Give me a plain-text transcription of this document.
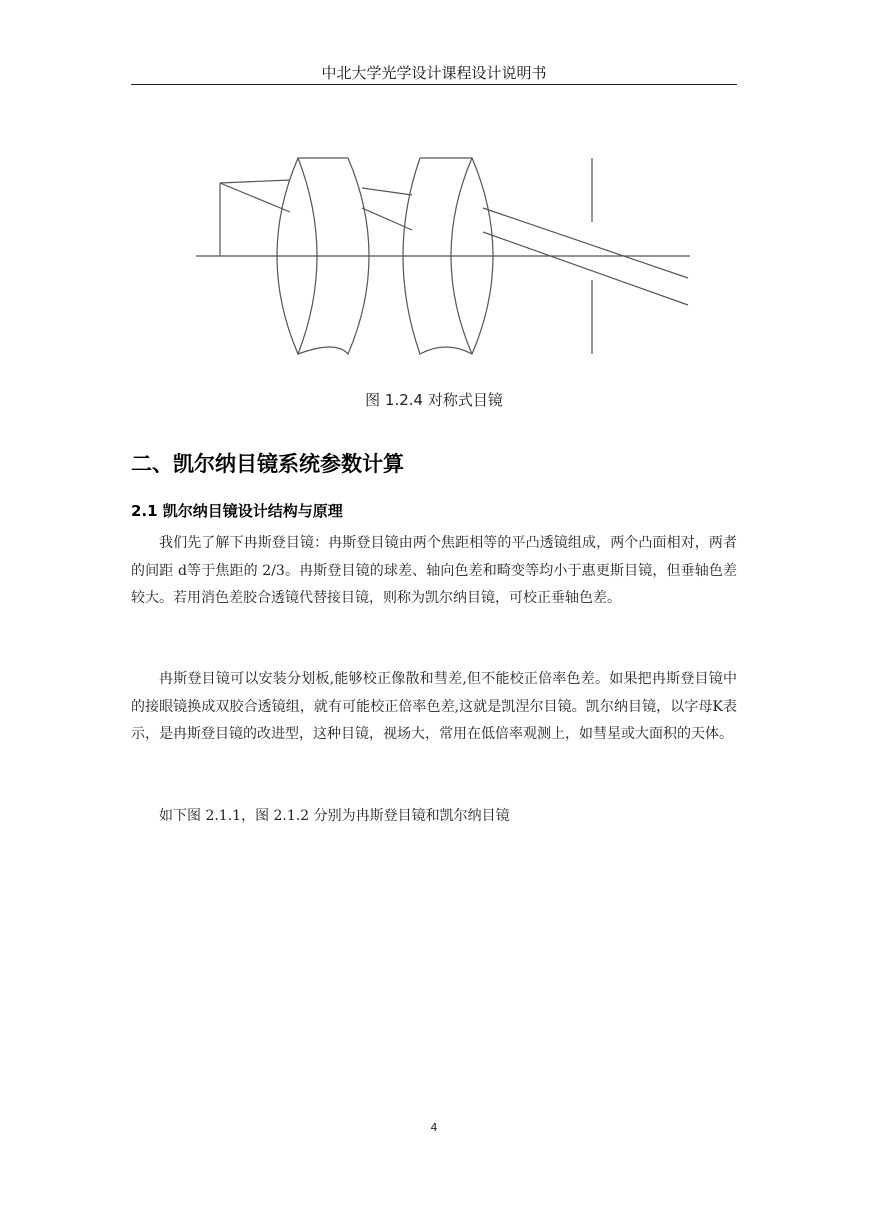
中北大学光学设计课程设计说明书
图 1.2.4 对称式目镜
二、凯尔纳目镜系统参数计算
2.1 凯尔纳目镜设计结构与原理

我们先了解下冉斯登目镜：冉斯登目镜由两个焦距相等的平凸透镜组成，两个凸面相对，两者的间距 d等于焦距的 2/3。冉斯登目镜的球差、轴向色差和畸变等均小于惠更斯目镜，但垂轴色差较大。若用消色差胶合透镜代替接目镜，则称为凯尔纳目镜，可校正垂轴色差。

冉斯登目镜可以安装分划板,能够校正像散和彗差,但不能校正倍率色差。如果把冉斯登目镜中的接眼镜换成双胶合透镜组，就有可能校正倍率色差,这就是凯涅尔目镜。凯尔纳目镜，以字母K表示，是冉斯登目镜的改进型，这种目镜，视场大，常用在低倍率观测上，如彗星或大面积的天体。

如下图 2.1.1，图 2.1.2 分别为冉斯登目镜和凯尔纳目镜

4
